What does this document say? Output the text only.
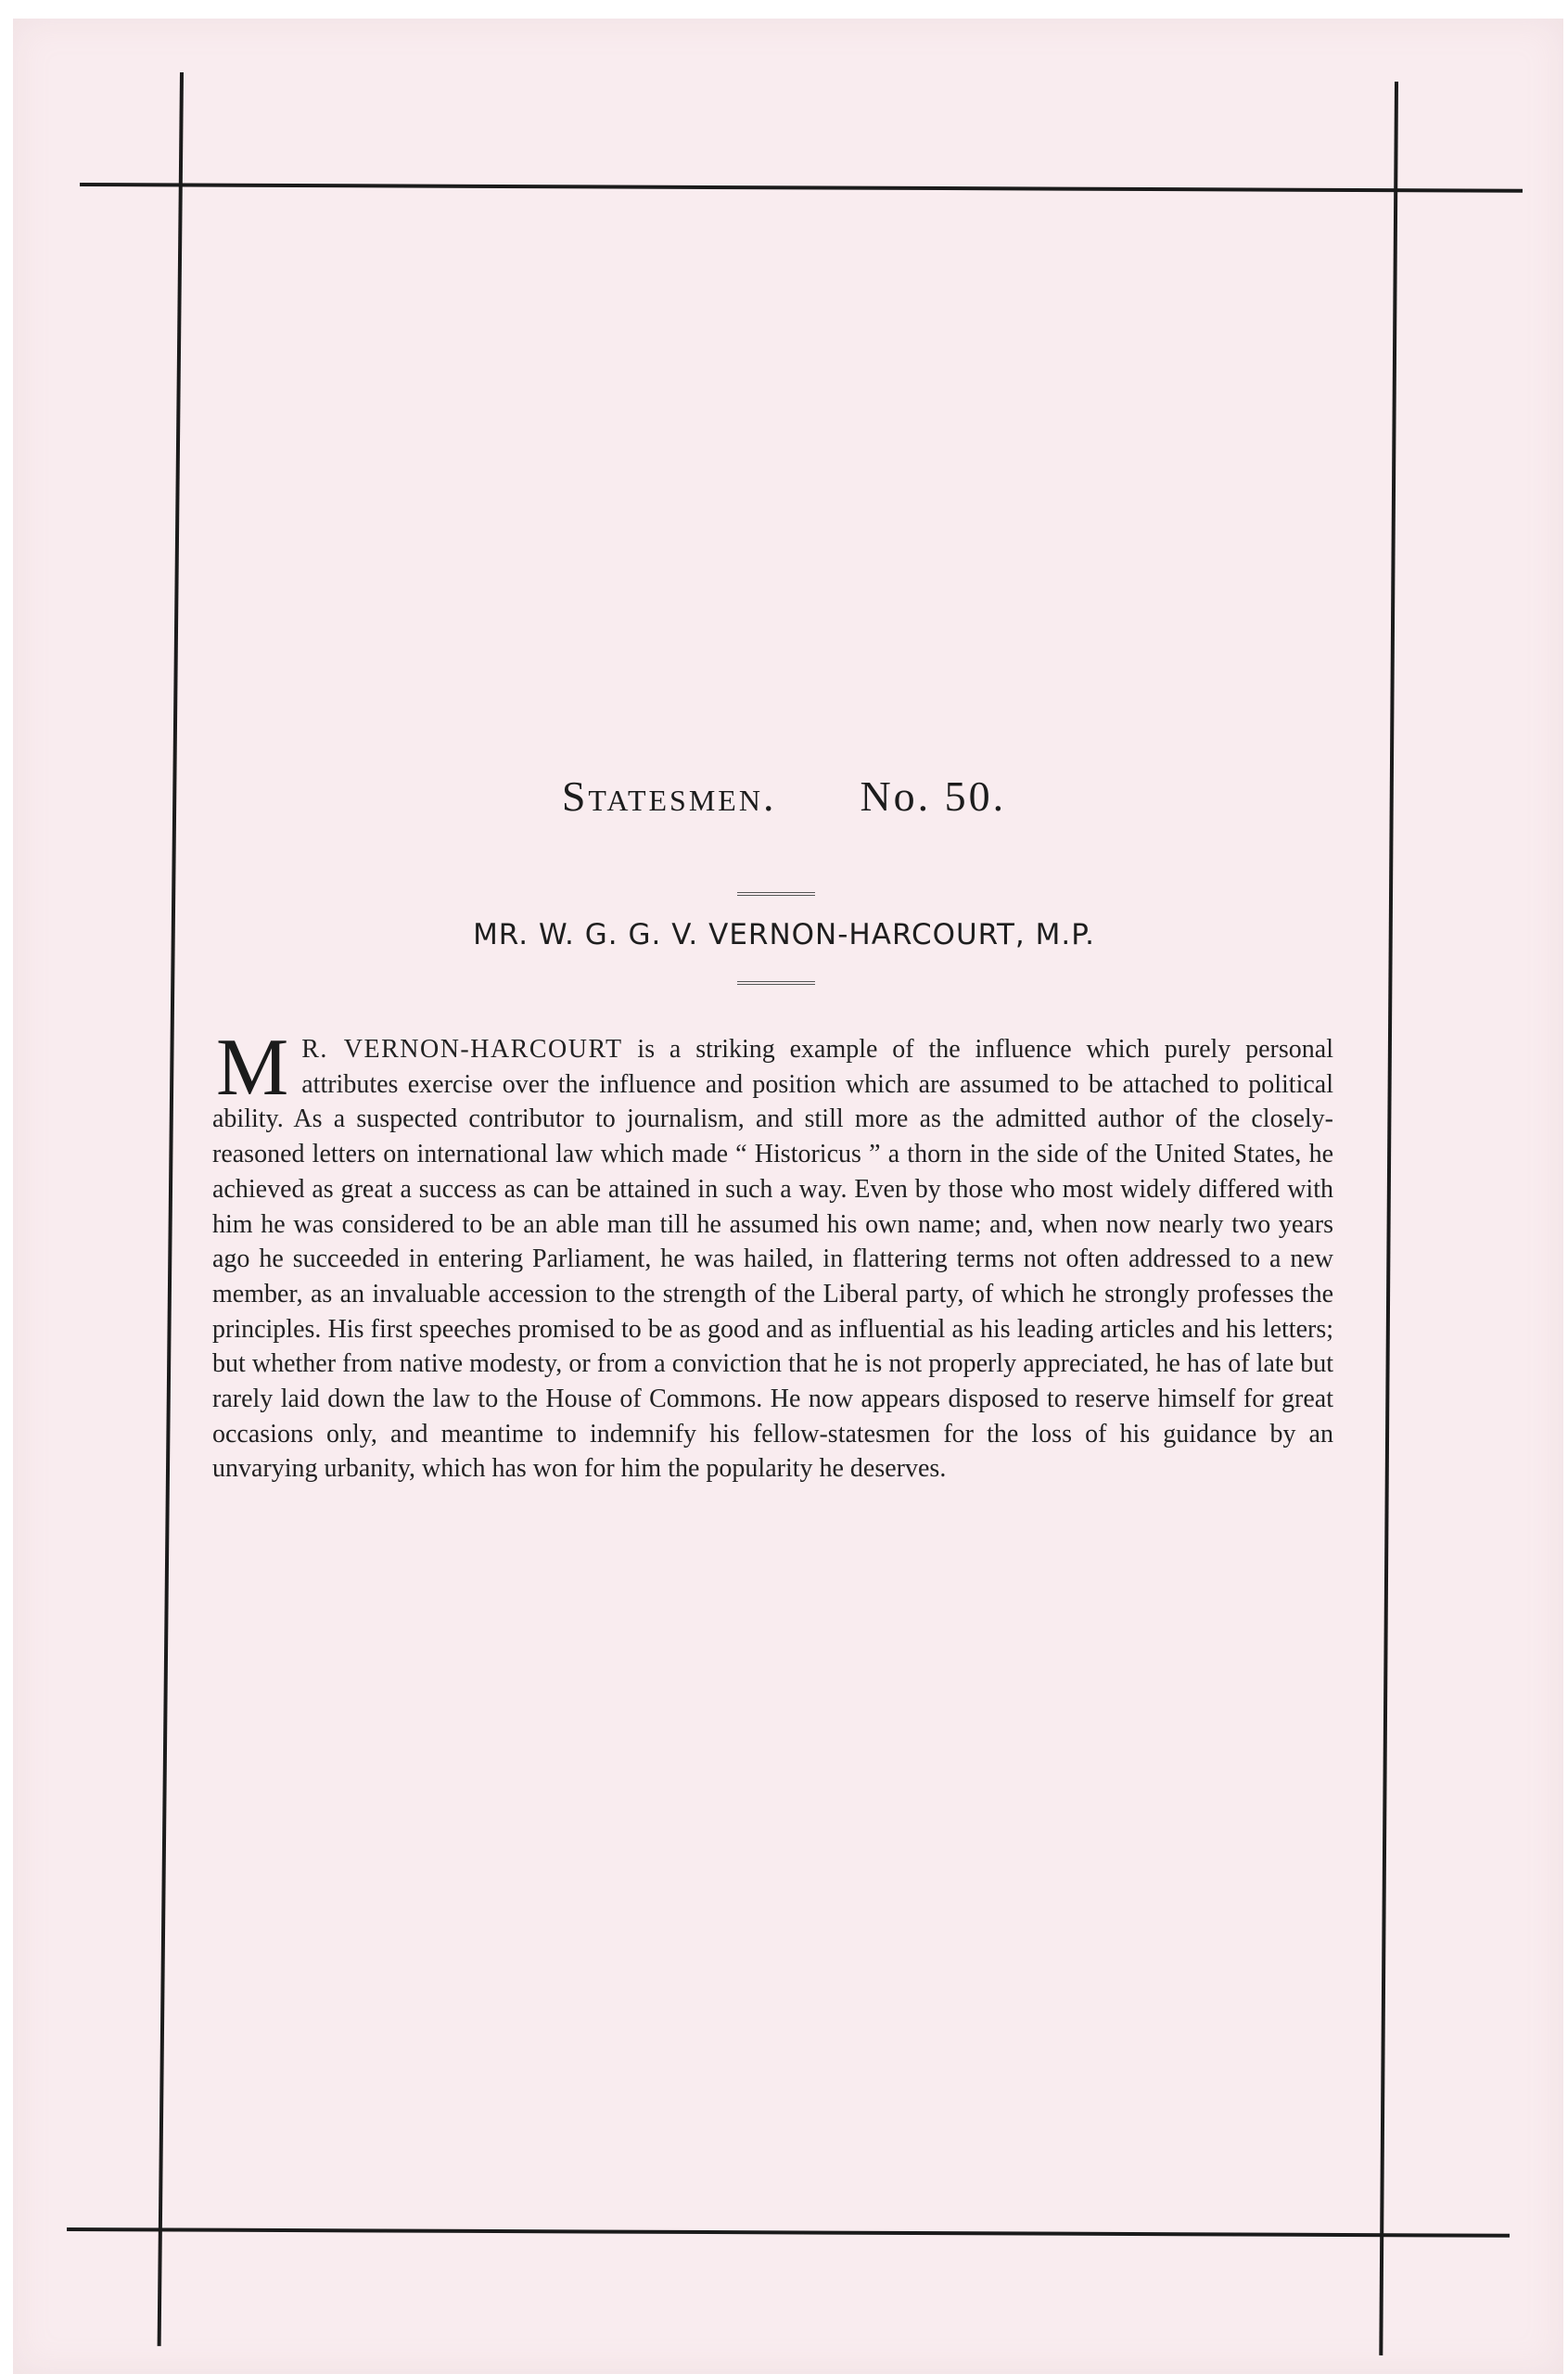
Statesmen. No. 50.
MR. W. G. G. V. VERNON-HARCOURT, M.P.
M R. VERNON-HARCOURT is a striking example of the influence which purely personal attributes exercise over the influence and position which are assumed to be attached to political ability. As a suspected contributor to journalism, and still more as the admitted author of the closely-reasoned letters on international law which made “ Historicus ” a thorn in the side of the United States, he achieved as great a success as can be attained in such a way. Even by those who most widely differed with him he was considered to be an able man till he assumed his own name; and, when now nearly two years ago he succeeded in entering Parliament, he was hailed, in flattering terms not often addressed to a new member, as an invaluable accession to the strength of the Liberal party, of which he strongly professes the principles. His first speeches promised to be as good and as influential as his leading articles and his letters; but whether from native modesty, or from a conviction that he is not properly appreciated, he has of late but rarely laid down the law to the House of Commons. He now appears disposed to reserve himself for great occasions only, and meantime to indemnify his fellow-statesmen for the loss of his guidance by an unvarying urbanity, which has won for him the popularity he deserves.
